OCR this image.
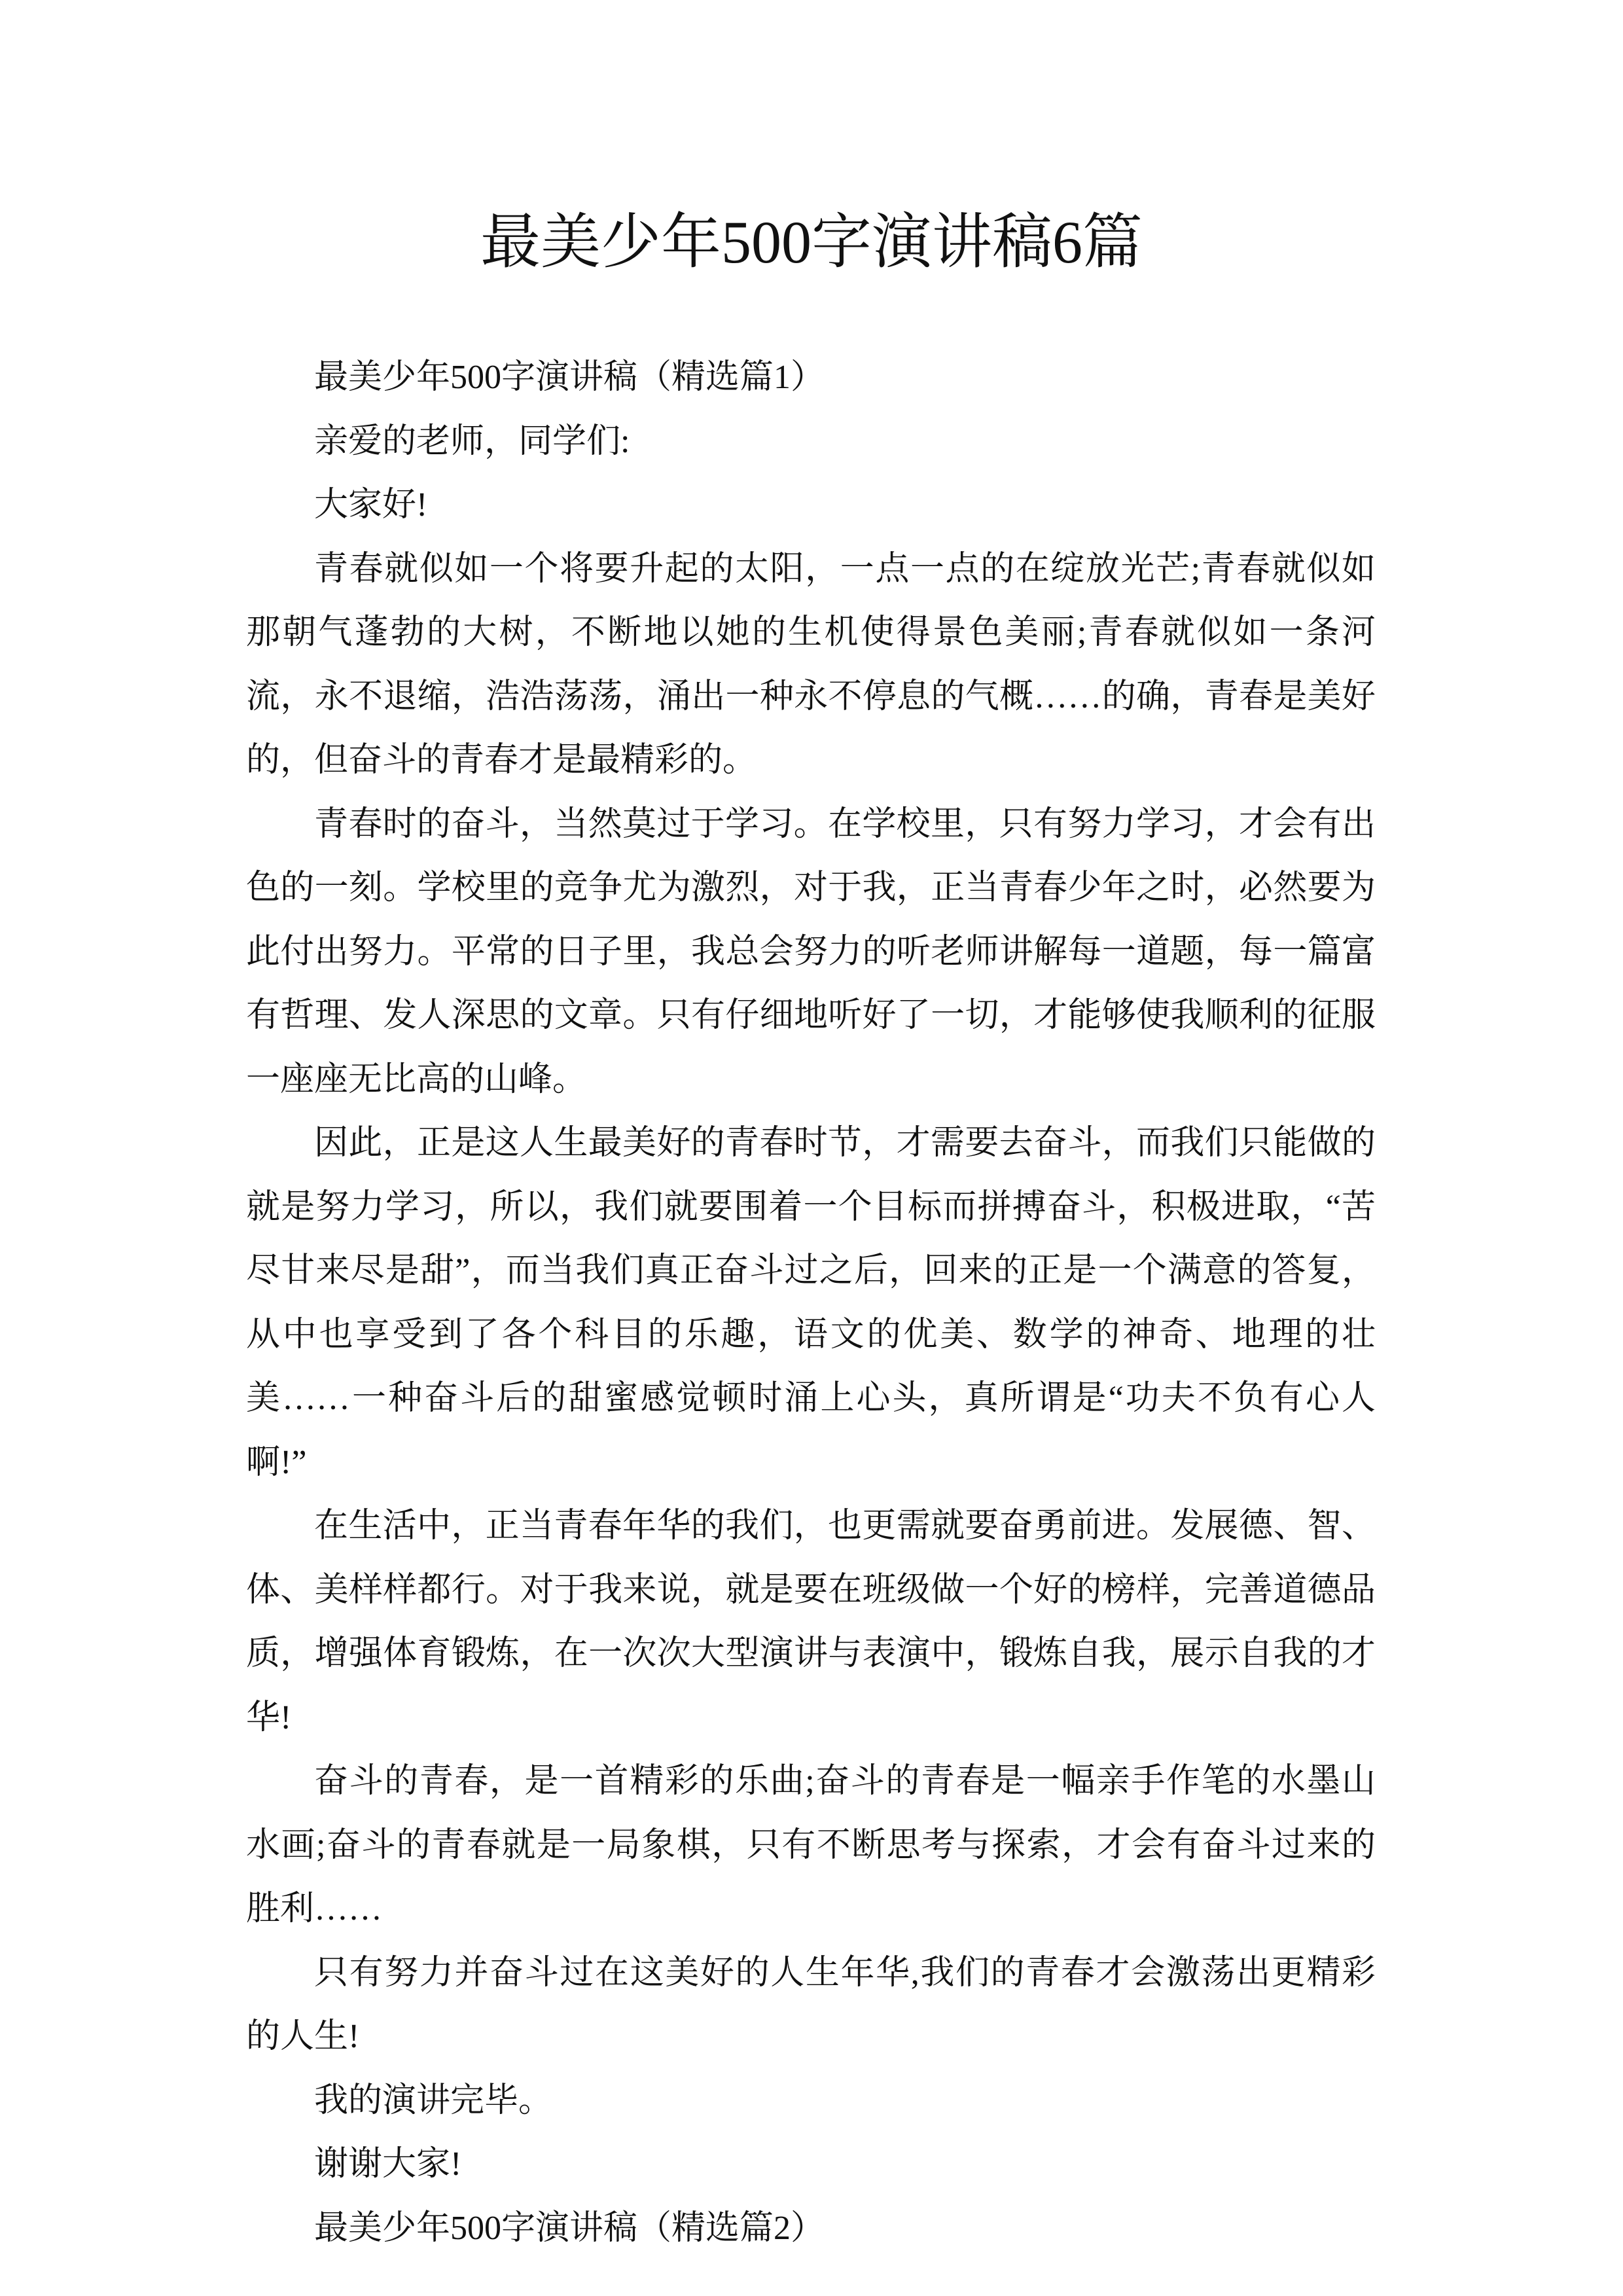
最美少年500字演讲稿6篇

最美少年500字演讲稿（精选篇1）

亲爱的老师，同学们:

大家好!

青春就似如一个将要升起的太阳，一点一点的在绽放光芒;青春就似如那朝气蓬勃的大树，不断地以她的生机使得景色美丽;青春就似如一条河流，永不退缩，浩浩荡荡，涌出一种永不停息的气概……的确，青春是美好的，但奋斗的青春才是最精彩的。

青春时的奋斗，当然莫过于学习。在学校里，只有努力学习，才会有出色的一刻。学校里的竞争尤为激烈，对于我，正当青春少年之时，必然要为此付出努力。平常的日子里，我总会努力的听老师讲解每一道题，每一篇富有哲理、发人深思的文章。只有仔细地听好了一切，才能够使我顺利的征服一座座无比高的山峰。

因此，正是这人生最美好的青春时节，才需要去奋斗，而我们只能做的就是努力学习，所以，我们就要围着一个目标而拼搏奋斗，积极进取，“苦尽甘来尽是甜”，而当我们真正奋斗过之后，回来的正是一个满意的答复，从中也享受到了各个科目的乐趣，语文的优美、数学的神奇、地理的壮美……一种奋斗后的甜蜜感觉顿时涌上心头，真所谓是“功夫不负有心人啊!”

在生活中，正当青春年华的我们，也更需就要奋勇前进。发展德、智、体、美样样都行。对于我来说，就是要在班级做一个好的榜样，完善道德品质，增强体育锻炼，在一次次大型演讲与表演中，锻炼自我，展示自我的才华!

奋斗的青春，是一首精彩的乐曲;奋斗的青春是一幅亲手作笔的水墨山水画;奋斗的青春就是一局象棋，只有不断思考与探索，才会有奋斗过来的胜利……

只有努力并奋斗过在这美好的人生年华,我们的青春才会激荡出更精彩的人生!

我的演讲完毕。

谢谢大家!

最美少年500字演讲稿（精选篇2）
